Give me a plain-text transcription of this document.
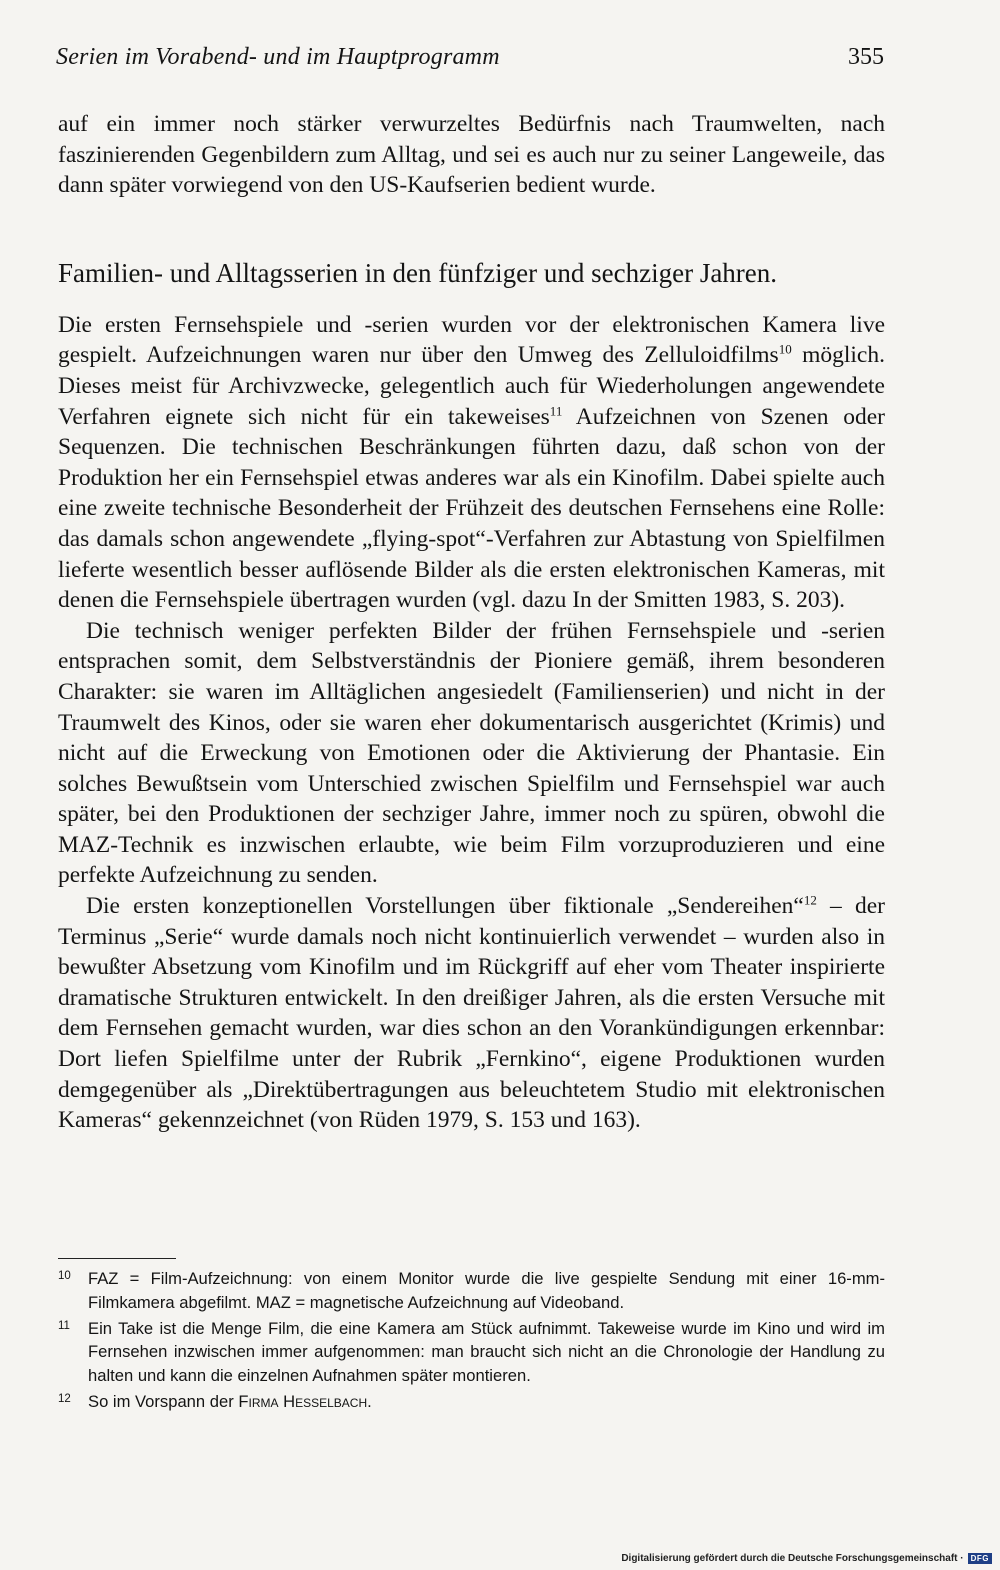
Serien im Vorabend- und im Hauptprogramm	355

auf ein immer noch stärker verwurzeltes Bedürfnis nach Traumwelten, nach faszinierenden Gegenbildern zum Alltag, und sei es auch nur zu seiner Langeweile, das dann später vorwiegend von den US-Kaufserien bedient wurde.

Familien- und Alltagsserien in den fünfziger und sechziger Jahren.

Die ersten Fernsehspiele und -serien wurden vor der elektronischen Kamera live gespielt. Aufzeichnungen waren nur über den Umweg des Zelluloidfilms$^{10}$ möglich. Dieses meist für Archivzwecke, gelegentlich auch für Wiederholungen angewendete Verfahren eignete sich nicht für ein takeweises$^{11}$ Aufzeichnen von Szenen oder Sequenzen. Die technischen Beschränkungen führten dazu, daß schon von der Produktion her ein Fernsehspiel etwas anderes war als ein Kinofilm. Dabei spielte auch eine zweite technische Besonderheit der Frühzeit des deutschen Fernsehens eine Rolle: das damals schon angewendete „flying-spot“-Verfahren zur Abtastung von Spielfilmen lieferte wesentlich besser auflösende Bilder als die ersten elektronischen Kameras, mit denen die Fernsehspiele übertragen wurden (vgl. dazu In der Smitten 1983, S. 203).

Die technisch weniger perfekten Bilder der frühen Fernsehspiele und -serien entsprachen somit, dem Selbstverständnis der Pioniere gemäß, ihrem besonderen Charakter: sie waren im Alltäglichen angesiedelt (Familienserien) und nicht in der Traumwelt des Kinos, oder sie waren eher dokumentarisch ausgerichtet (Krimis) und nicht auf die Erweckung von Emotionen oder die Aktivierung der Phantasie. Ein solches Bewußtsein vom Unterschied zwischen Spielfilm und Fernsehspiel war auch später, bei den Produktionen der sechziger Jahre, immer noch zu spüren, obwohl die MAZ-Technik es inzwischen erlaubte, wie beim Film vorzuproduzieren und eine perfekte Aufzeichnung zu senden.

Die ersten konzeptionellen Vorstellungen über fiktionale „Sendereihen“$^{12}$ – der Terminus „Serie“ wurde damals noch nicht kontinuierlich verwendet – wurden also in bewußter Absetzung vom Kinofilm und im Rückgriff auf eher vom Theater inspirierte dramatische Strukturen entwickelt. In den dreißiger Jahren, als die ersten Versuche mit dem Fernsehen gemacht wurden, war dies schon an den Vorankündigungen erkennbar: Dort liefen Spielfilme unter der Rubrik „Fernkino“, eigene Produktionen wurden demgegenüber als „Direktübertragungen aus beleuchtetem Studio mit elektronischen Kameras“ gekennzeichnet (von Rüden 1979, S. 153 und 163).

10	FAZ = Film-Aufzeichnung: von einem Monitor wurde die live gespielte Sendung mit einer 16-mm-Filmkamera abgefilmt. MAZ = magnetische Aufzeichnung auf Videoband.
11	Ein Take ist die Menge Film, die eine Kamera am Stück aufnimmt. Takeweise wurde im Kino und wird im Fernsehen inzwischen immer aufgenommen: man braucht sich nicht an die Chronologie der Handlung zu halten und kann die einzelnen Aufnahmen später montieren.
12	So im Vorspann der Firma Hesselbach.
Digitalisierung gefördert durch die Deutsche Forschungsgemeinschaft · DFG
